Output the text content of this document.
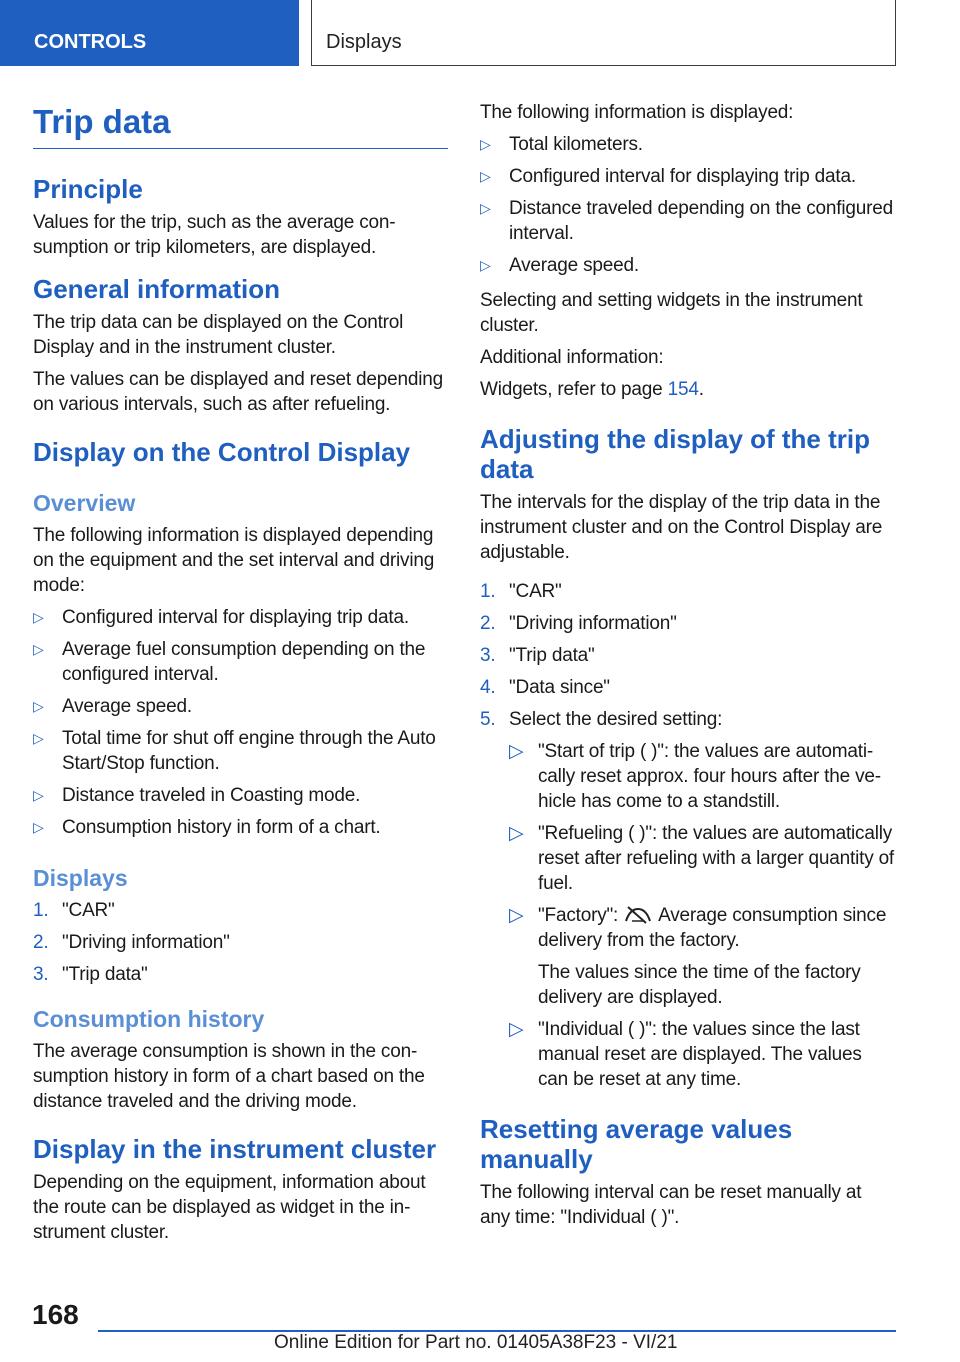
CONTROLS	Displays
Trip data
Principle

Values for the trip, such as the average consumption or trip kilometers, are displayed.

General information

The trip data can be displayed on the Control Display and in the instrument cluster.

The values can be displayed and reset depending on various intervals, such as after refueling.

Display on the Control Display
Overview

The following information is displayed depending on the equipment and the set interval and driving mode:

▷ Configured interval for displaying trip data.
▷ Average fuel consumption depending on the configured interval.
▷ Average speed.
▷ Total time for shut off engine through the Auto Start/Stop function.
▷ Distance traveled in Coasting mode.
▷ Consumption history in form of a chart.
Displays
1. "CAR"
2. "Driving information"
3. "Trip data"
Consumption history

The average consumption is shown in the consumption history in form of a chart based on the distance traveled and the driving mode.

Display in the instrument cluster

Depending on the equipment, information about the route can be displayed as widget in the instrument cluster.

The following information is displayed:

▷ Total kilometers.
▷ Configured interval for displaying trip data.
▷ Distance traveled depending on the configured interval.
▷ Average speed.

Selecting and setting widgets in the instrument cluster.

Additional information:

Widgets, refer to page 154.

Adjusting the display of the trip data

The intervals for the display of the trip data in the instrument cluster and on the Control Display are adjustable.

1. "CAR"
2. "Driving information"
3. "Trip data"
4. "Data since"
5. Select the desired setting:
▷ "Start of trip ( )": the values are automatically reset approx. four hours after the vehicle has come to a standstill.
▷ "Refueling ( )": the values are automatically reset after refueling with a larger quantity of fuel.
▷ "Factory": Average consumption since delivery from the factory.
The values since the time of the factory delivery are displayed.
▷ "Individual ( )": the values since the last manual reset are displayed. The values can be reset at any time.
Resetting average values manually

The following interval can be reset manually at any time: "Individual ( )".

168
Online Edition for Part no. 01405A38F23 - VI/21
